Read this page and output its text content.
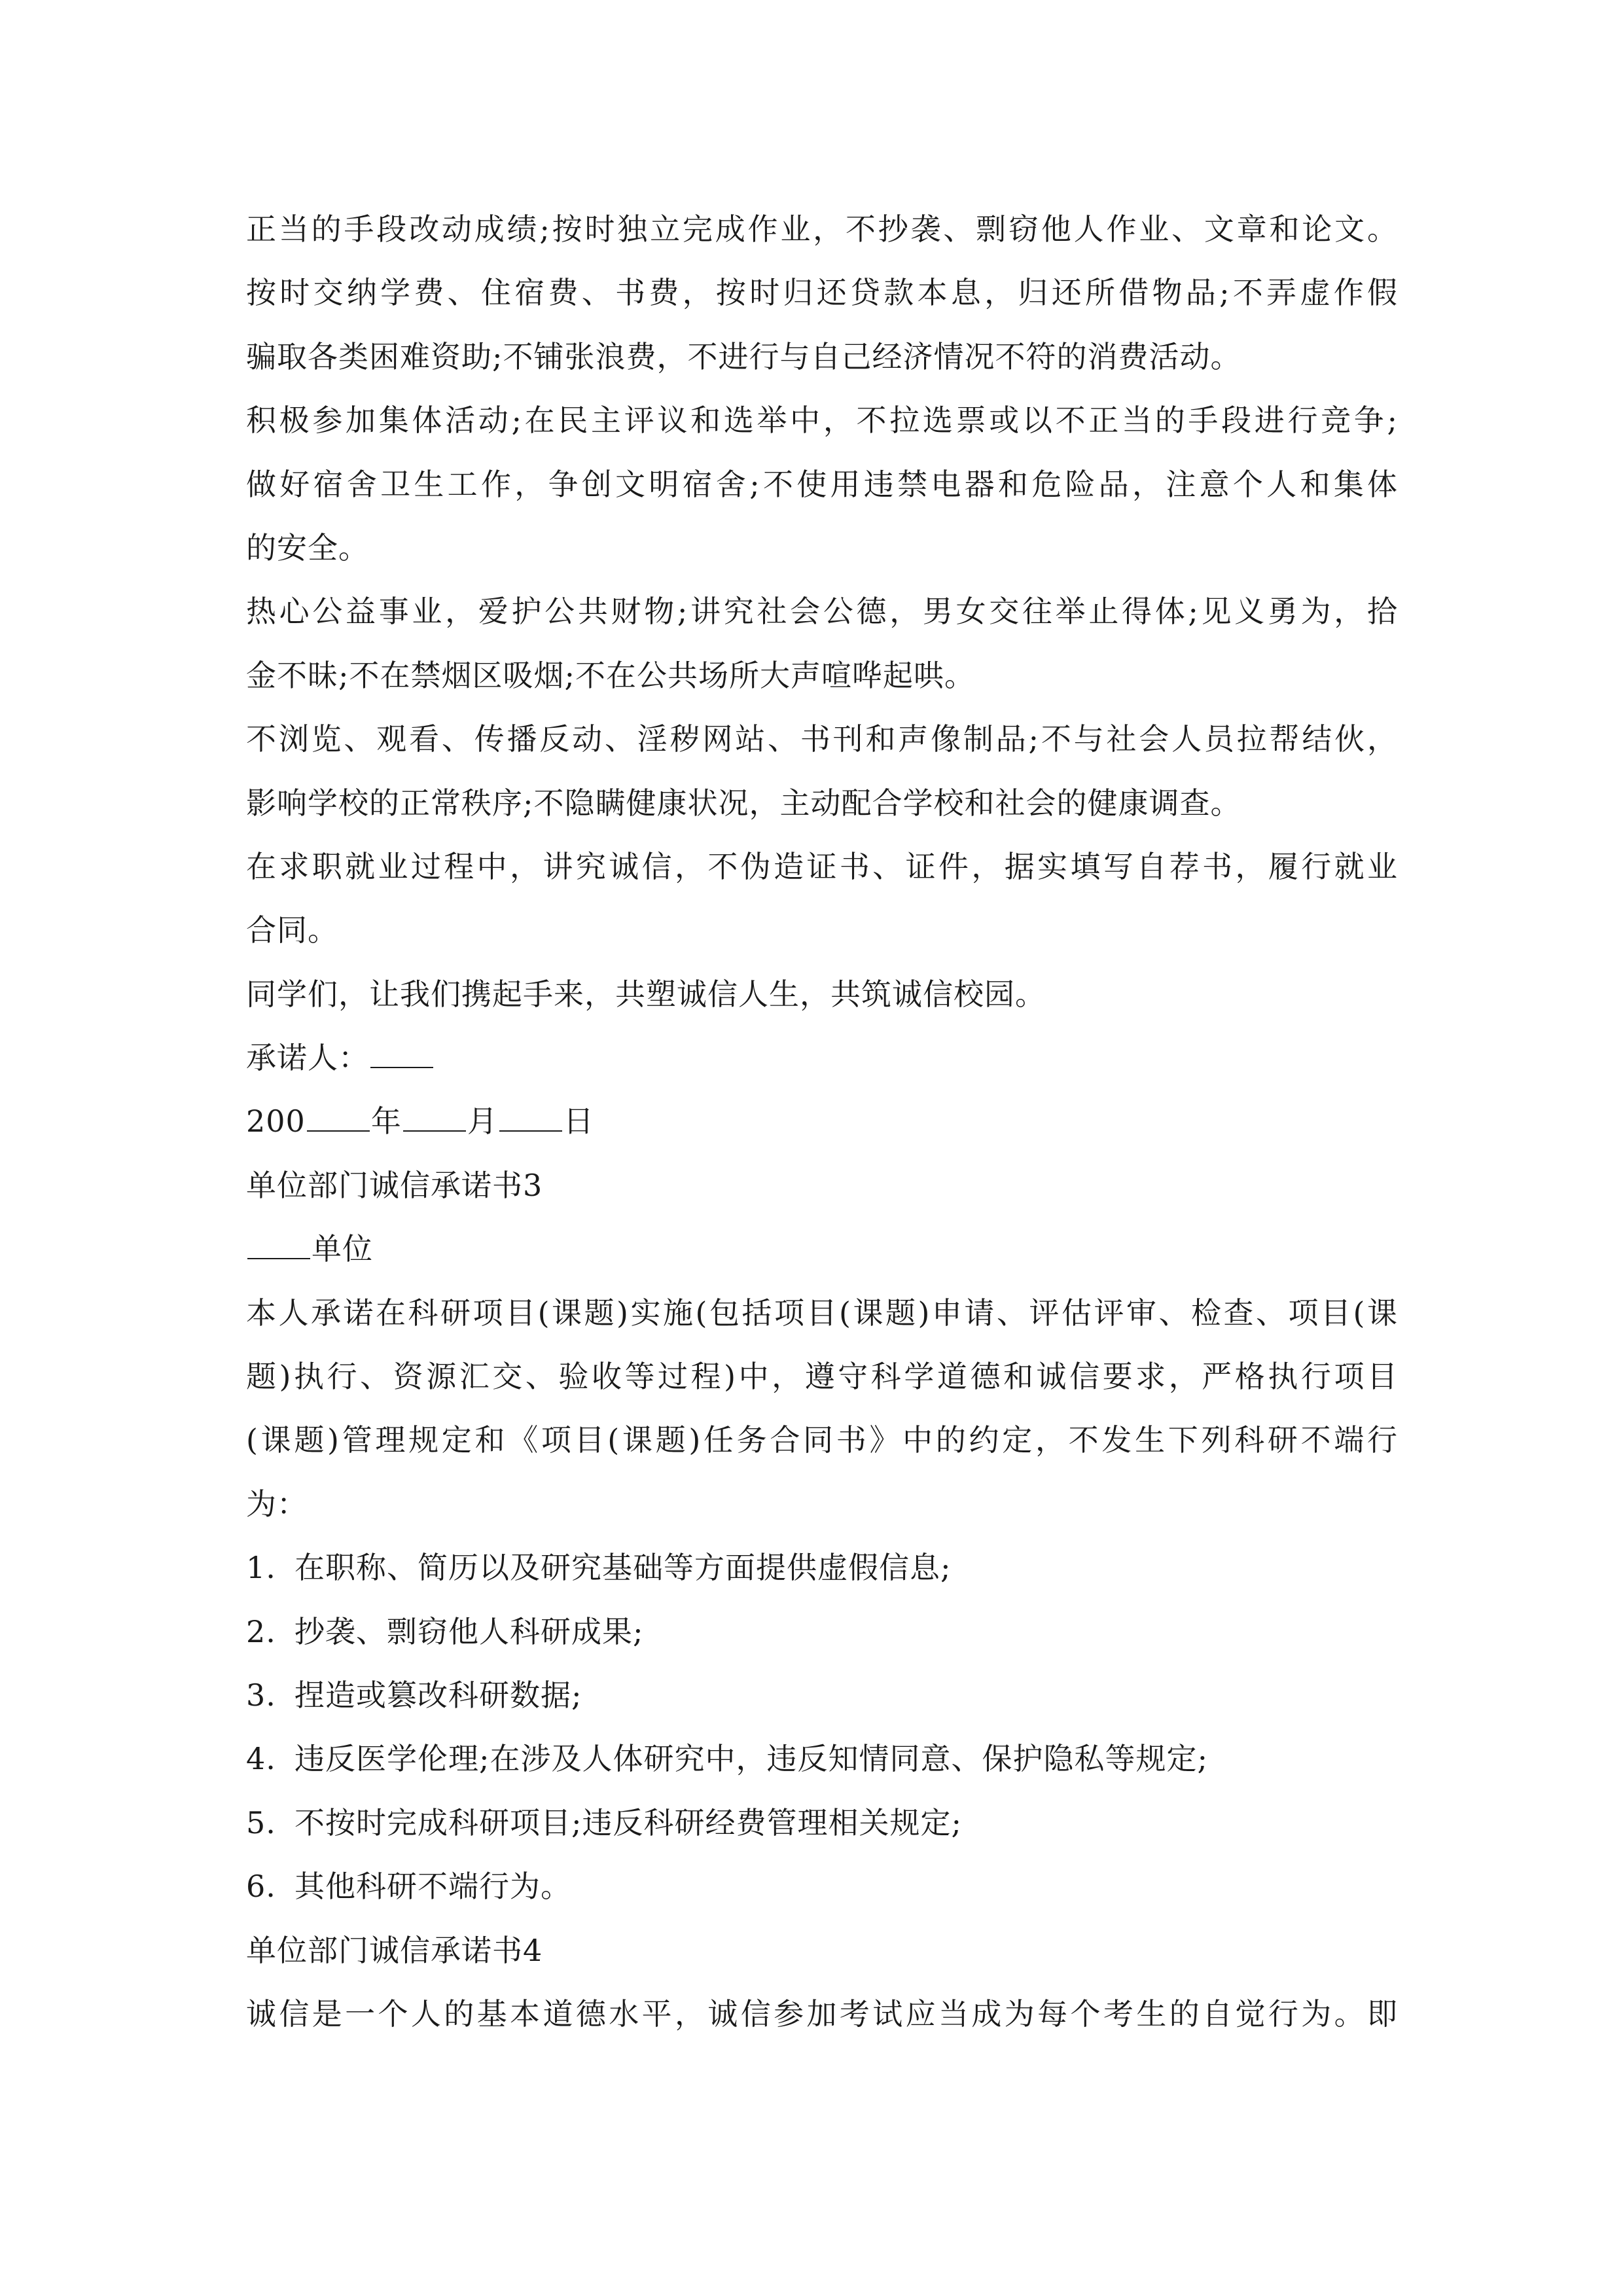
正当的手段改动成绩;按时独立完成作业，不抄袭、剽窃他人作业、文章和论文。
按时交纳学费、住宿费、书费，按时归还贷款本息，归还所借物品;不弄虚作假
骗取各类困难资助;不铺张浪费，不进行与自己经济情况不符的消费活动。
积极参加集体活动;在民主评议和选举中，不拉选票或以不正当的手段进行竞争;
做好宿舍卫生工作，争创文明宿舍;不使用违禁电器和危险品，注意个人和集体
的安全。
热心公益事业，爱护公共财物;讲究社会公德，男女交往举止得体;见义勇为，拾
金不昧;不在禁烟区吸烟;不在公共场所大声喧哗起哄。
不浏览、观看、传播反动、淫秽网站、书刊和声像制品;不与社会人员拉帮结伙，
影响学校的正常秩序;不隐瞒健康状况，主动配合学校和社会的健康调查。
在求职就业过程中，讲究诚信，不伪造证书、证件，据实填写自荐书，履行就业
合同。
同学们，让我们携起手来，共塑诚信人生，共筑诚信校园。
承诺人：
200 年 月 日
单位部门诚信承诺书3
单位
本人承诺在科研项目(课题)实施(包括项目(课题)申请、评估评审、检查、项目(课
题)执行、资源汇交、验收等过程)中，遵守科学道德和诚信要求，严格执行项目
(课题)管理规定和《项目(课题)任务合同书》中的约定，不发生下列科研不端行
为：
1. 在职称、简历以及研究基础等方面提供虚假信息;
2. 抄袭、剽窃他人科研成果;
3. 捏造或篡改科研数据;
4. 违反医学伦理;在涉及人体研究中，违反知情同意、保护隐私等规定;
5. 不按时完成科研项目;违反科研经费管理相关规定;
6. 其他科研不端行为。
单位部门诚信承诺书4
诚信是一个人的基本道德水平，诚信参加考试应当成为每个考生的自觉行为。即
